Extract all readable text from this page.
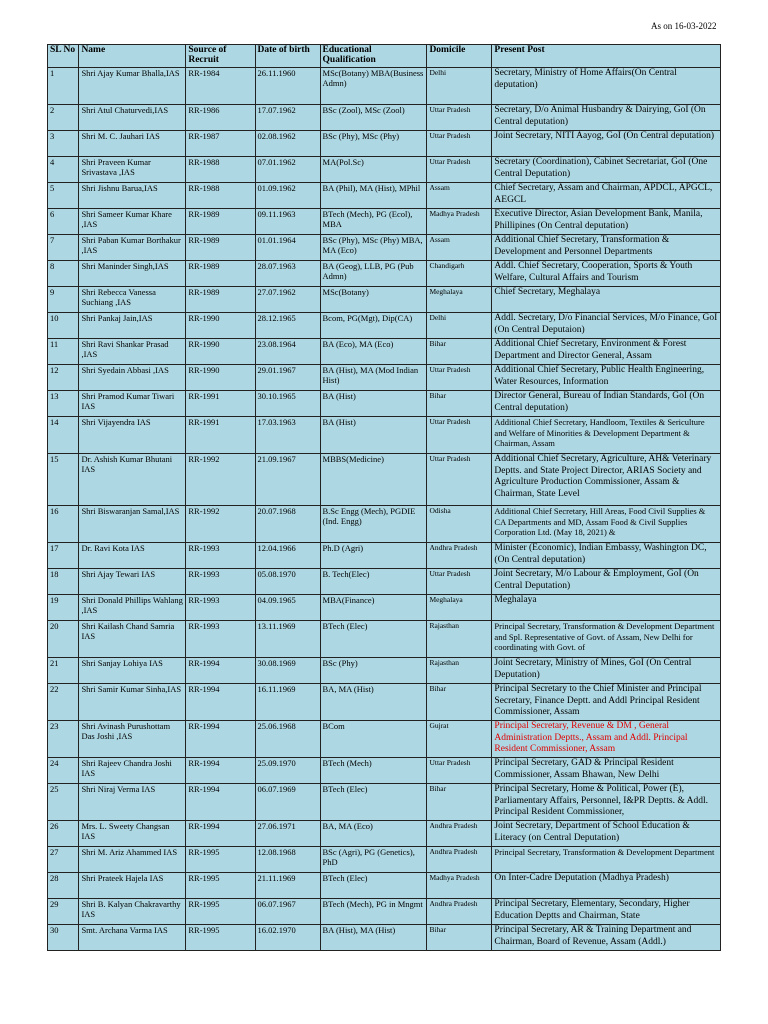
As on 16-03-2022
SL No	Name	Source of Recruit	Date of birth	Educational Qualification	Domicile	Present Post
1	Shri Ajay Kumar Bhalla,IAS	RR-1984	26.11.1960	MSc(Botany) MBA(Business Admn)	Delhi	Secretary, Ministry of Home Affairs(On Central deputation)
2	Shri Atul Chaturvedi,IAS	RR-1986	17.07.1962	BSc (Zool), MSc (Zool)	Uttar Pradesh	Secretary, D/o Animal Husbandry & Dairying, GoI (On Central deputation)
3	Shri M. C. Jauhari IAS	RR-1987	02.08.1962	BSc (Phy), MSc (Phy)	Uttar Pradesh	Joint Secretary, NITI Aayog, GoI (On Central deputation)
4	Shri Praveen Kumar Srivastava ,IAS	RR-1988	07.01.1962	MA(Pol.Sc)	Uttar Pradesh	Secretary (Coordination), Cabinet Secretariat, GoI (One Central Deputation)
5	Shri Jishnu Barua,IAS	RR-1988	01.09.1962	BA (Phil), MA (Hist), MPhil	Assam	Chief Secretary, Assam and Chairman, APDCL, APGCL, AEGCL
6	Shri Sameer Kumar Khare ,IAS	RR-1989	09.11.1963	BTech (Mech), PG (Ecol), MBA	Madhya Pradesh	Executive Director, Asian Development Bank, Manila, Phillipines (On Central deputation)
7	Shri Paban Kumar Borthakur ,IAS	RR-1989	01.01.1964	BSc (Phy), MSc (Phy) MBA, MA (Eco)	Assam	Additional Chief Secretary, Transformation & Development and Personnel Departments
8	Shri Maninder Singh,IAS	RR-1989	28.07.1963	BA (Geog), LLB, PG (Pub Admn)	Chandigarh	Addl. Chief Secretary, Cooperation, Sports & Youth Welfare, Cultural Affairs and Tourism
9	Shri Rebecca Vanessa Suchiang ,IAS	RR-1989	27.07.1962	MSc(Botany)	Meghalaya	Chief Secretary, Meghalaya
10	Shri Pankaj Jain,IAS	RR-1990	28.12.1965	Bcom, PG(Mgt), Dip(CA)	Delhi	Addl. Secretary, D/o Financial Services, M/o Finance, GoI (On Central Deputaion)
11	Shri Ravi Shankar Prasad ,IAS	RR-1990	23.08.1964	BA (Eco), MA (Eco)	Bihar	Additional Chief Secretary, Environment & Forest Department and Director General, Assam
12	Shri Syedain Abbasi ,IAS	RR-1990	29.01.1967	BA (Hist), MA (Mod Indian Hist)	Uttar Pradesh	Additional Chief Secretary, Public Health Engineering, Water Resources, Information
13	Shri Pramod Kumar Tiwari IAS	RR-1991	30.10.1965	BA (Hist)	Bihar	Director General, Bureau of Indian Standards, GoI (On Central deputation)
14	Shri Vijayendra IAS	RR-1991	17.03.1963	BA (Hist)	Uttar Pradesh	Additional Chief Secretary, Handloom, Textiles & Sericulture and Welfare of Minorities & Development Department & Chairman, Assam
15	Dr. Ashish Kumar Bhutani IAS	RR-1992	21.09.1967	MBBS(Medicine)	Uttar Pradesh	Additional Chief Secretary, Agriculture, AH& Veterinary Deptts. and State Project Director, ARIAS Society and Agriculture Production Commissioner, Assam & Chairman, State Level
16	Shri Biswaranjan Samal,IAS	RR-1992	20.07.1968	B.Sc Engg (Mech), PGDIE (Ind. Engg)	Odisha	Additional Chief Secretary, Hill Areas, Food Civil Supplies & CA Departments and MD, Assam Food & Civil Supplies Corporation Ltd. (May 18, 2021) &
17	Dr. Ravi Kota IAS	RR-1993	12.04.1966	Ph.D (Agri)	Andhra Pradesh	Minister (Economic), Indian Embassy, Washington DC, (On Central deputation)
18	Shri Ajay Tewari IAS	RR-1993	05.08.1970	B. Tech(Elec)	Uttar Pradesh	Joint Secretary, M/o Labour & Employment, GoI (On Central Deputation)
19	Shri Donald Phillips Wahlang ,IAS	RR-1993	04.09.1965	MBA(Finance)	Meghalaya	Meghalaya
20	Shri Kailash Chand Samria IAS	RR-1993	13.11.1969	BTech (Elec)	Rajasthan	Principal Secretary, Transformation & Development Department and Spl. Representative of Govt. of Assam, New Delhi for coordinating with Govt. of
21	Shri Sanjay Lohiya IAS	RR-1994	30.08.1969	BSc (Phy)	Rajasthan	Joint Secretary, Ministry of Mines, GoI (On Central Deputation)
22	Shri Samir Kumar Sinha,IAS	RR-1994	16.11.1969	BA, MA (Hist)	Bihar	Principal Secretary to the Chief Minister and Principal Secretary, Finance Deptt. and Addl Principal Resident Commissioner, Assam
23	Shri Avinash Purushottam Das Joshi ,IAS	RR-1994	25.06.1968	BCom	Gujrat	Principal Secretary, Revenue & DM , General Administration Deptts., Assam and Addl. Principal Resident Commissioner, Assam
24	Shri Rajeev Chandra Joshi IAS	RR-1994	25.09.1970	BTech (Mech)	Uttar Pradesh	Principal Secretary, GAD & Principal Resident Commissioner, Assam Bhawan, New Delhi
25	Shri Niraj Verma IAS	RR-1994	06.07.1969	BTech (Elec)	Bihar	Principal Secretary, Home & Political, Power (E), Parliamentary Affairs, Personnel, I&PR Deptts. & Addl. Principal Resident Commissioner,
26	Mrs. L. Sweety Changsan IAS	RR-1994	27.06.1971	BA, MA (Eco)	Andhra Pradesh	Joint Secretary, Department of School Education & Literacy (on Central Deputation)
27	Shri M. Ariz Ahammed IAS	RR-1995	12.08.1968	BSc (Agri), PG (Genetics), PhD	Andhra Pradesh	Principal Secretary, Transformation & Development Department
28	Shri Prateek Hajela IAS	RR-1995	21.11.1969	BTech (Elec)	Madhya Pradesh	On Inter-Cadre Deputation (Madhya Pradesh)
29	Shri B. Kalyan Chakravarthy IAS	RR-1995	06.07.1967	BTech (Mech), PG in Mngmt	Andhra Pradesh	Principal Secretary, Elementary, Secondary, Higher Education Deptts and Chairman, State
30	Smt. Archana Varma IAS	RR-1995	16.02.1970	BA (Hist), MA (Hist)	Bihar	Principal Secretary, AR & Training Department and Chairman, Board of Revenue, Assam (Addl.)
